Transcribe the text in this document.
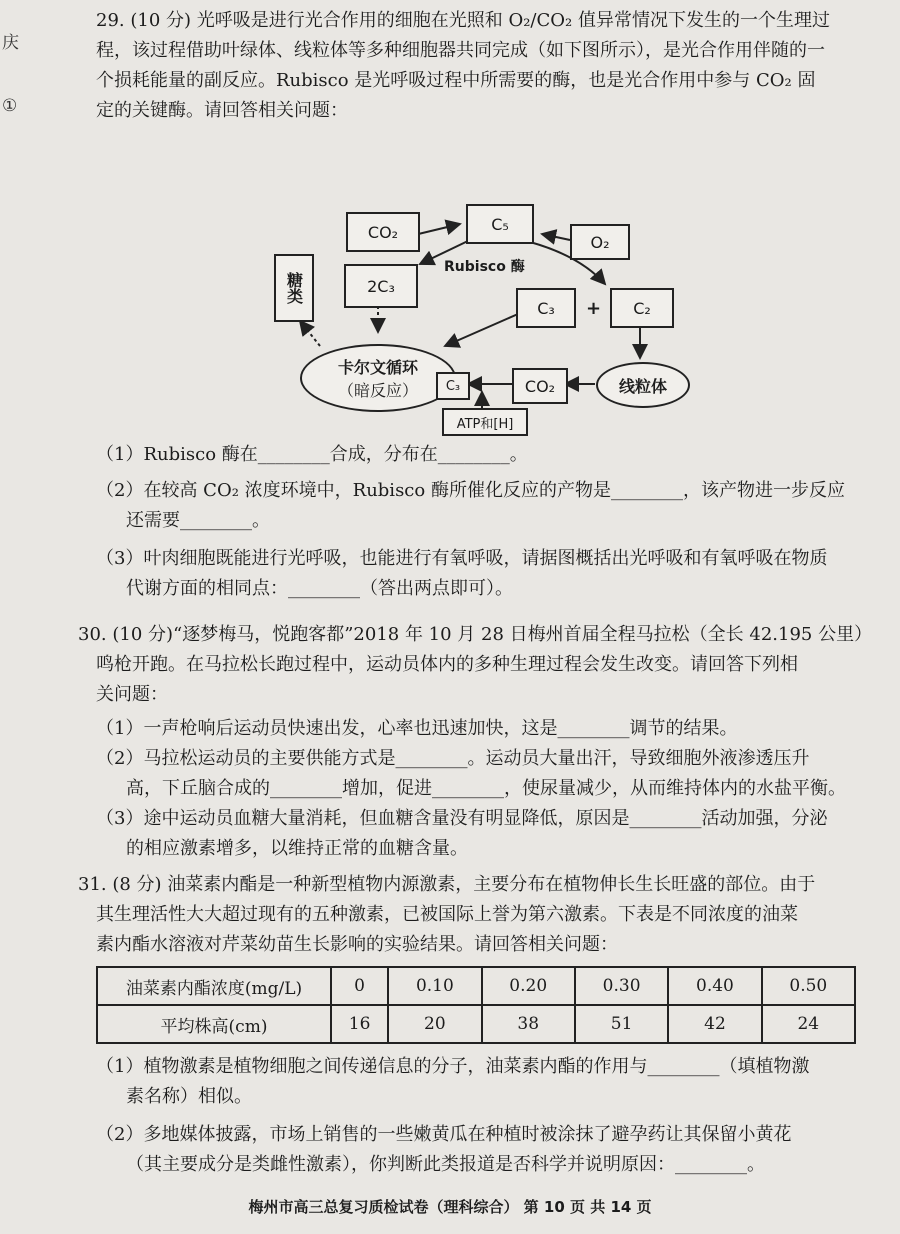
庆
①
29. (10 分) 光呼吸是进行光合作用的细胞在光照和 O₂/CO₂ 值异常情况下发生的一个生理过
程，该过程借助叶绿体、线粒体等多种细胞器共同完成（如下图所示），是光合作用伴随的一
个损耗能量的副反应。Rubisco 是光呼吸过程中所需要的酶，也是光合作用中参与 CO₂ 固
定的关键酶。请回答相关问题：
CO₂	C₅
O₂
糖类	2C₃
Rubisco 酶
C₃	+	C₂
卡尔文循环
（暗反应）	C₃	CO₂	线粒体
ATP和[H]
（1）Rubisco 酶在________合成，分布在________。
（2）在较高 CO₂ 浓度环境中，Rubisco 酶所催化反应的产物是________，该产物进一步反应
还需要________。
（3）叶肉细胞既能进行光呼吸，也能进行有氧呼吸，请据图概括出光呼吸和有氧呼吸在物质
代谢方面的相同点：________（答出两点即可）。
30. (10 分)“逐梦梅马，悦跑客都”2018 年 10 月 28 日梅州首届全程马拉松（全长 42.195 公里）
鸣枪开跑。在马拉松长跑过程中，运动员体内的多种生理过程会发生改变。请回答下列相
关问题：
（1）一声枪响后运动员快速出发，心率也迅速加快，这是________调节的结果。
（2）马拉松运动员的主要供能方式是________。运动员大量出汗，导致细胞外液渗透压升
高，下丘脑合成的________增加，促进________，使尿量减少，从而维持体内的水盐平衡。
（3）途中运动员血糖大量消耗，但血糖含量没有明显降低，原因是________活动加强，分泌
的相应激素增多，以维持正常的血糖含量。
31. (8 分) 油菜素内酯是一种新型植物内源激素，主要分布在植物伸长生长旺盛的部位。由于
其生理活性大大超过现有的五种激素，已被国际上誉为第六激素。下表是不同浓度的油菜
素内酯水溶液对芹菜幼苗生长影响的实验结果。请回答相关问题：
油菜素内酯浓度(mg/L)	0	0.10	0.20	0.30	0.40	0.50
平均株高(cm)	16	20	38	51	42	24
（1）植物激素是植物细胞之间传递信息的分子，油菜素内酯的作用与________（填植物激
素名称）相似。
（2）多地媒体披露，市场上销售的一些嫩黄瓜在种植时被涂抹了避孕药让其保留小黄花
（其主要成分是类雌性激素），你判断此类报道是否科学并说明原因：________。
梅州市高三总复习质检试卷（理科综合） 第 10 页 共 14 页
